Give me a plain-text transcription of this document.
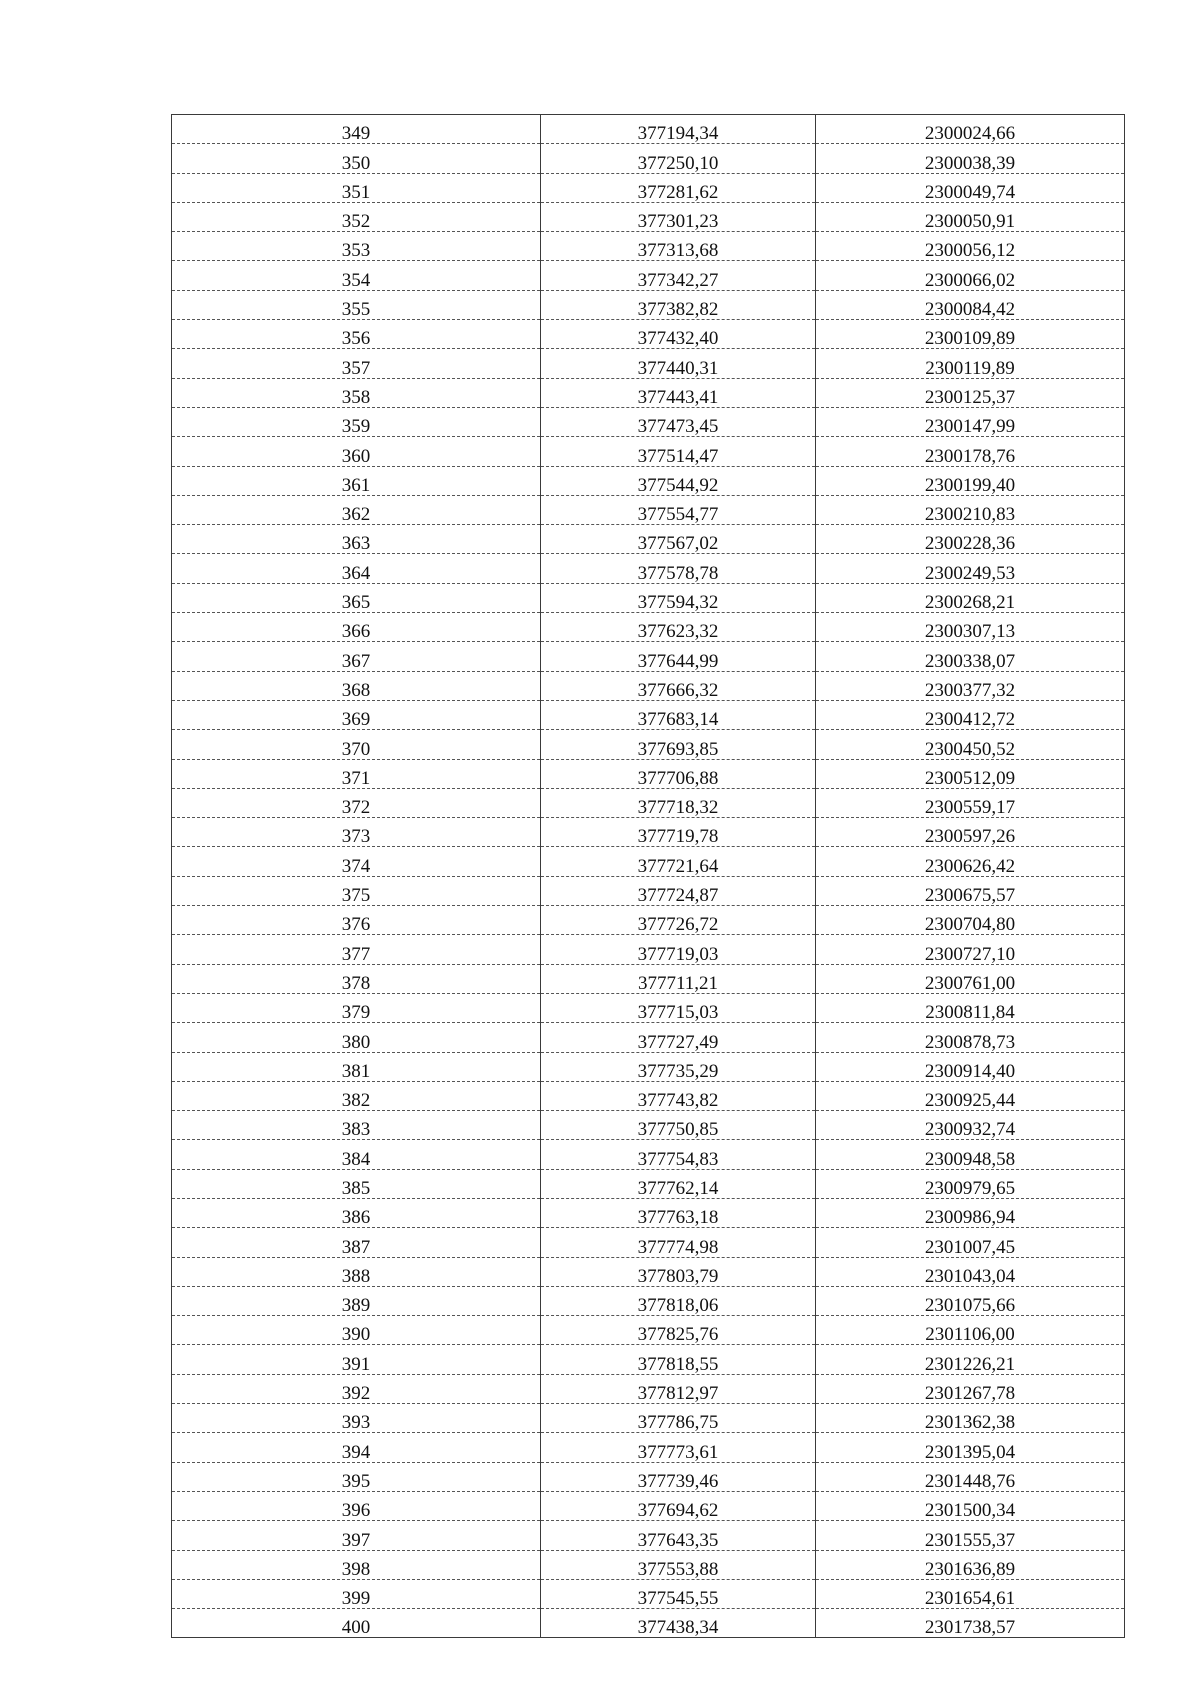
349	377194,34	2300024,66
350	377250,10	2300038,39
351	377281,62	2300049,74
352	377301,23	2300050,91
353	377313,68	2300056,12
354	377342,27	2300066,02
355	377382,82	2300084,42
356	377432,40	2300109,89
357	377440,31	2300119,89
358	377443,41	2300125,37
359	377473,45	2300147,99
360	377514,47	2300178,76
361	377544,92	2300199,40
362	377554,77	2300210,83
363	377567,02	2300228,36
364	377578,78	2300249,53
365	377594,32	2300268,21
366	377623,32	2300307,13
367	377644,99	2300338,07
368	377666,32	2300377,32
369	377683,14	2300412,72
370	377693,85	2300450,52
371	377706,88	2300512,09
372	377718,32	2300559,17
373	377719,78	2300597,26
374	377721,64	2300626,42
375	377724,87	2300675,57
376	377726,72	2300704,80
377	377719,03	2300727,10
378	377711,21	2300761,00
379	377715,03	2300811,84
380	377727,49	2300878,73
381	377735,29	2300914,40
382	377743,82	2300925,44
383	377750,85	2300932,74
384	377754,83	2300948,58
385	377762,14	2300979,65
386	377763,18	2300986,94
387	377774,98	2301007,45
388	377803,79	2301043,04
389	377818,06	2301075,66
390	377825,76	2301106,00
391	377818,55	2301226,21
392	377812,97	2301267,78
393	377786,75	2301362,38
394	377773,61	2301395,04
395	377739,46	2301448,76
396	377694,62	2301500,34
397	377643,35	2301555,37
398	377553,88	2301636,89
399	377545,55	2301654,61
400	377438,34	2301738,57
